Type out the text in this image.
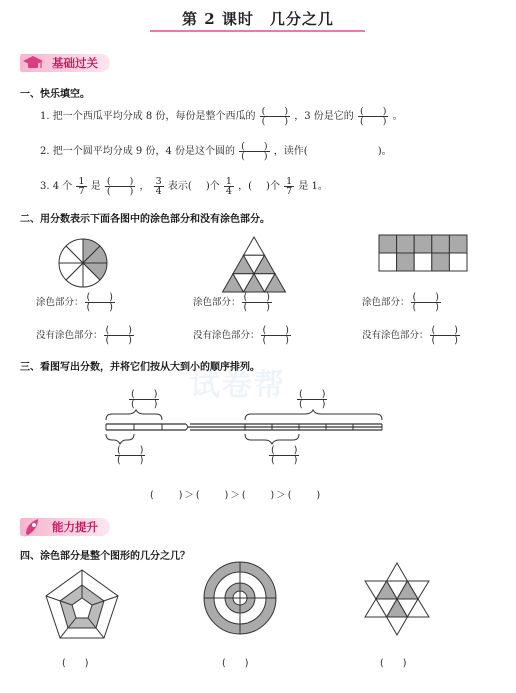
第 2 课时　几分之几
试卷帮
基础过关
一、快乐填空。
1. 把一个西瓜平均分成 8 份，每份是整个西瓜的 $\frac{( )}{( )}$ ，3 份是它的 $\frac{( )}{( )}$ 。
2. 把一个圆平均分成 9 份，4 份是这个圆的 $\frac{( )}{( )}$ ，读作(	)。
3. 4 个 $\frac{1}{7}$ 是 $\frac{( )}{( )}$ ， $\frac{3}{4}$ 表示( )个 $\frac{1}{4}$ ，( )个 $\frac{1}{7}$ 是 1。
二、用分数表示下面各图中的涂色部分和没有涂色部分。
涂色部分： $\frac{( )}{( )}$	涂色部分： $\frac{( )}{( )}$	涂色部分： $\frac{( )}{( )}$
没有涂色部分： $\frac{( )}{( )}$	没有涂色部分： $\frac{( )}{( )}$	没有涂色部分： $\frac{( )}{( )}$
三、看图写出分数，并将它们按从大到小的顺序排列。
$\frac{( )}{( )}$	$\frac{( )}{( )}$
$\frac{( )}{( )}$	$\frac{( )}{( )}$
(　　)＞(　　)＞(　　)＞(　　)
能力提升
四、涂色部分是整个图形的几分之几？
(　　)	(　　)	(　　)
